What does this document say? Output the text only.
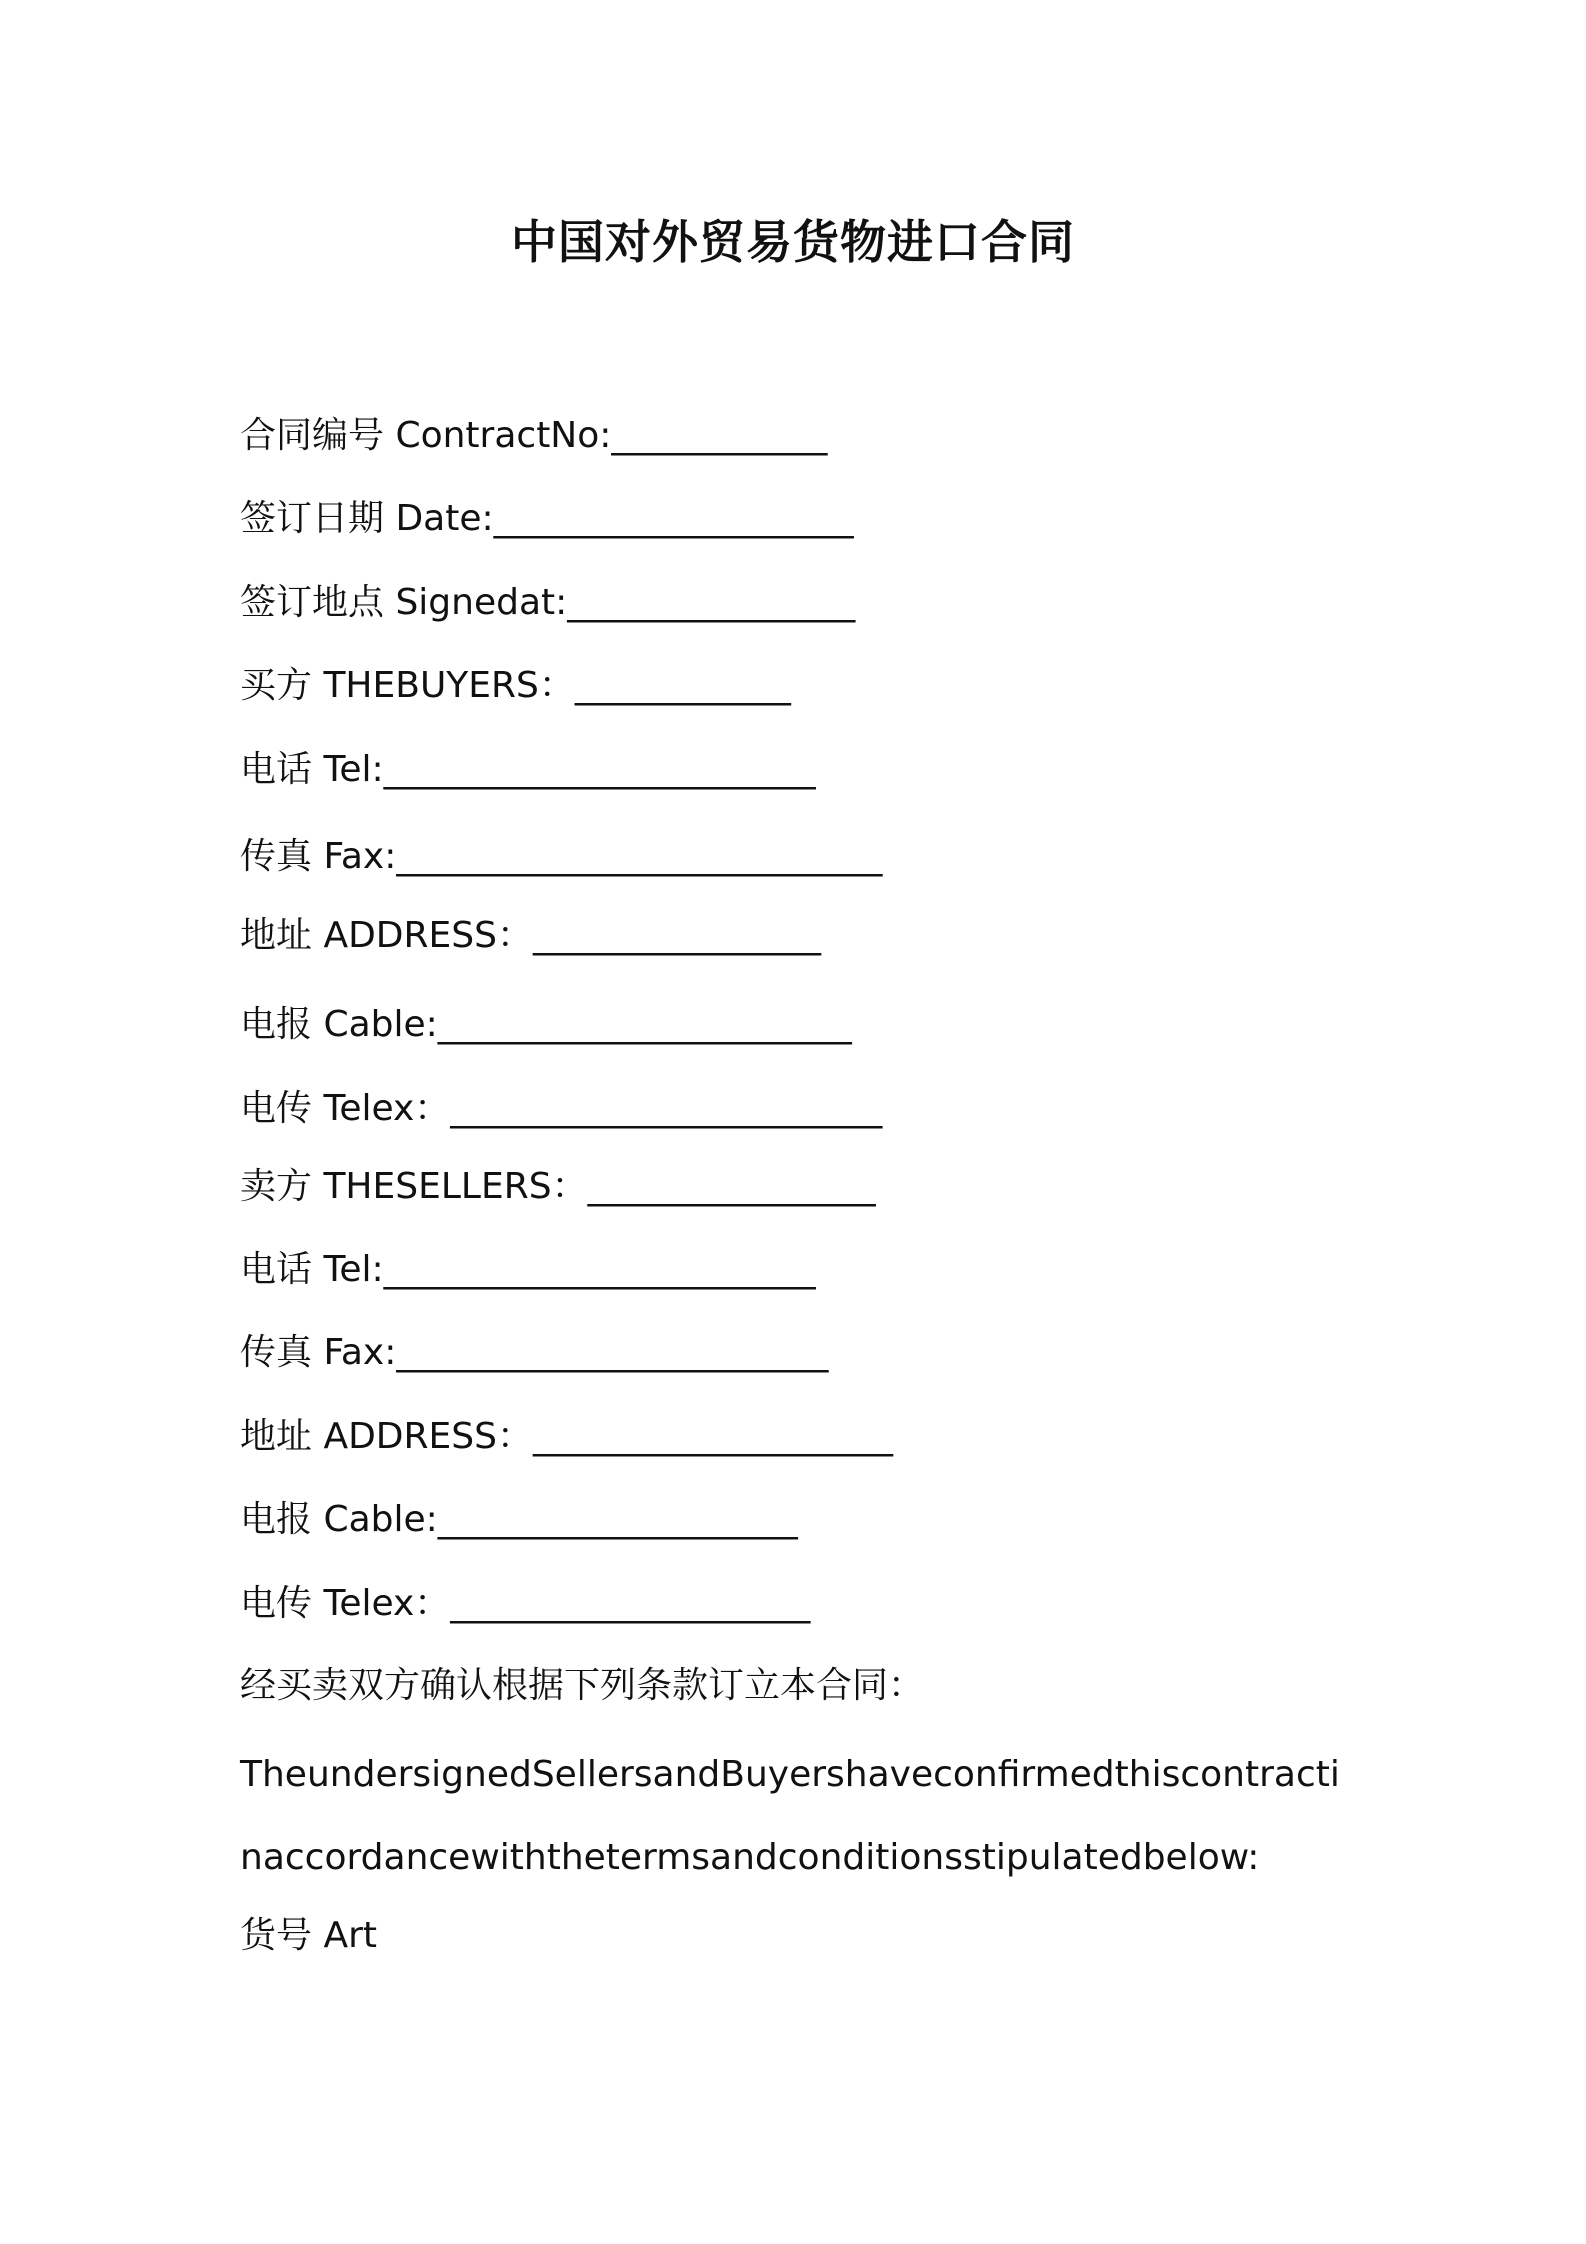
中国对外贸易货物进口合同
合同编号 ContractNo:____________
签订日期 Date:____________________
签订地点 Signedat:________________
买方 THEBUYERS：____________
电话 Tel:________________________
传真 Fax:___________________________
地址 ADDRESS：________________
电报 Cable:_______________________
电传 Telex：________________________
卖方 THESELLERS：________________
电话 Tel:________________________
传真 Fax:________________________
地址 ADDRESS：____________________
电报 Cable:____________________
电传 Telex：____________________
经买卖双方确认根据下列条款订立本合同：
TheundersignedSellersandBuyershaveconfirmedthiscontracti
naccordancewiththetermsandconditionsstipulatedbelow:
货号 Art
